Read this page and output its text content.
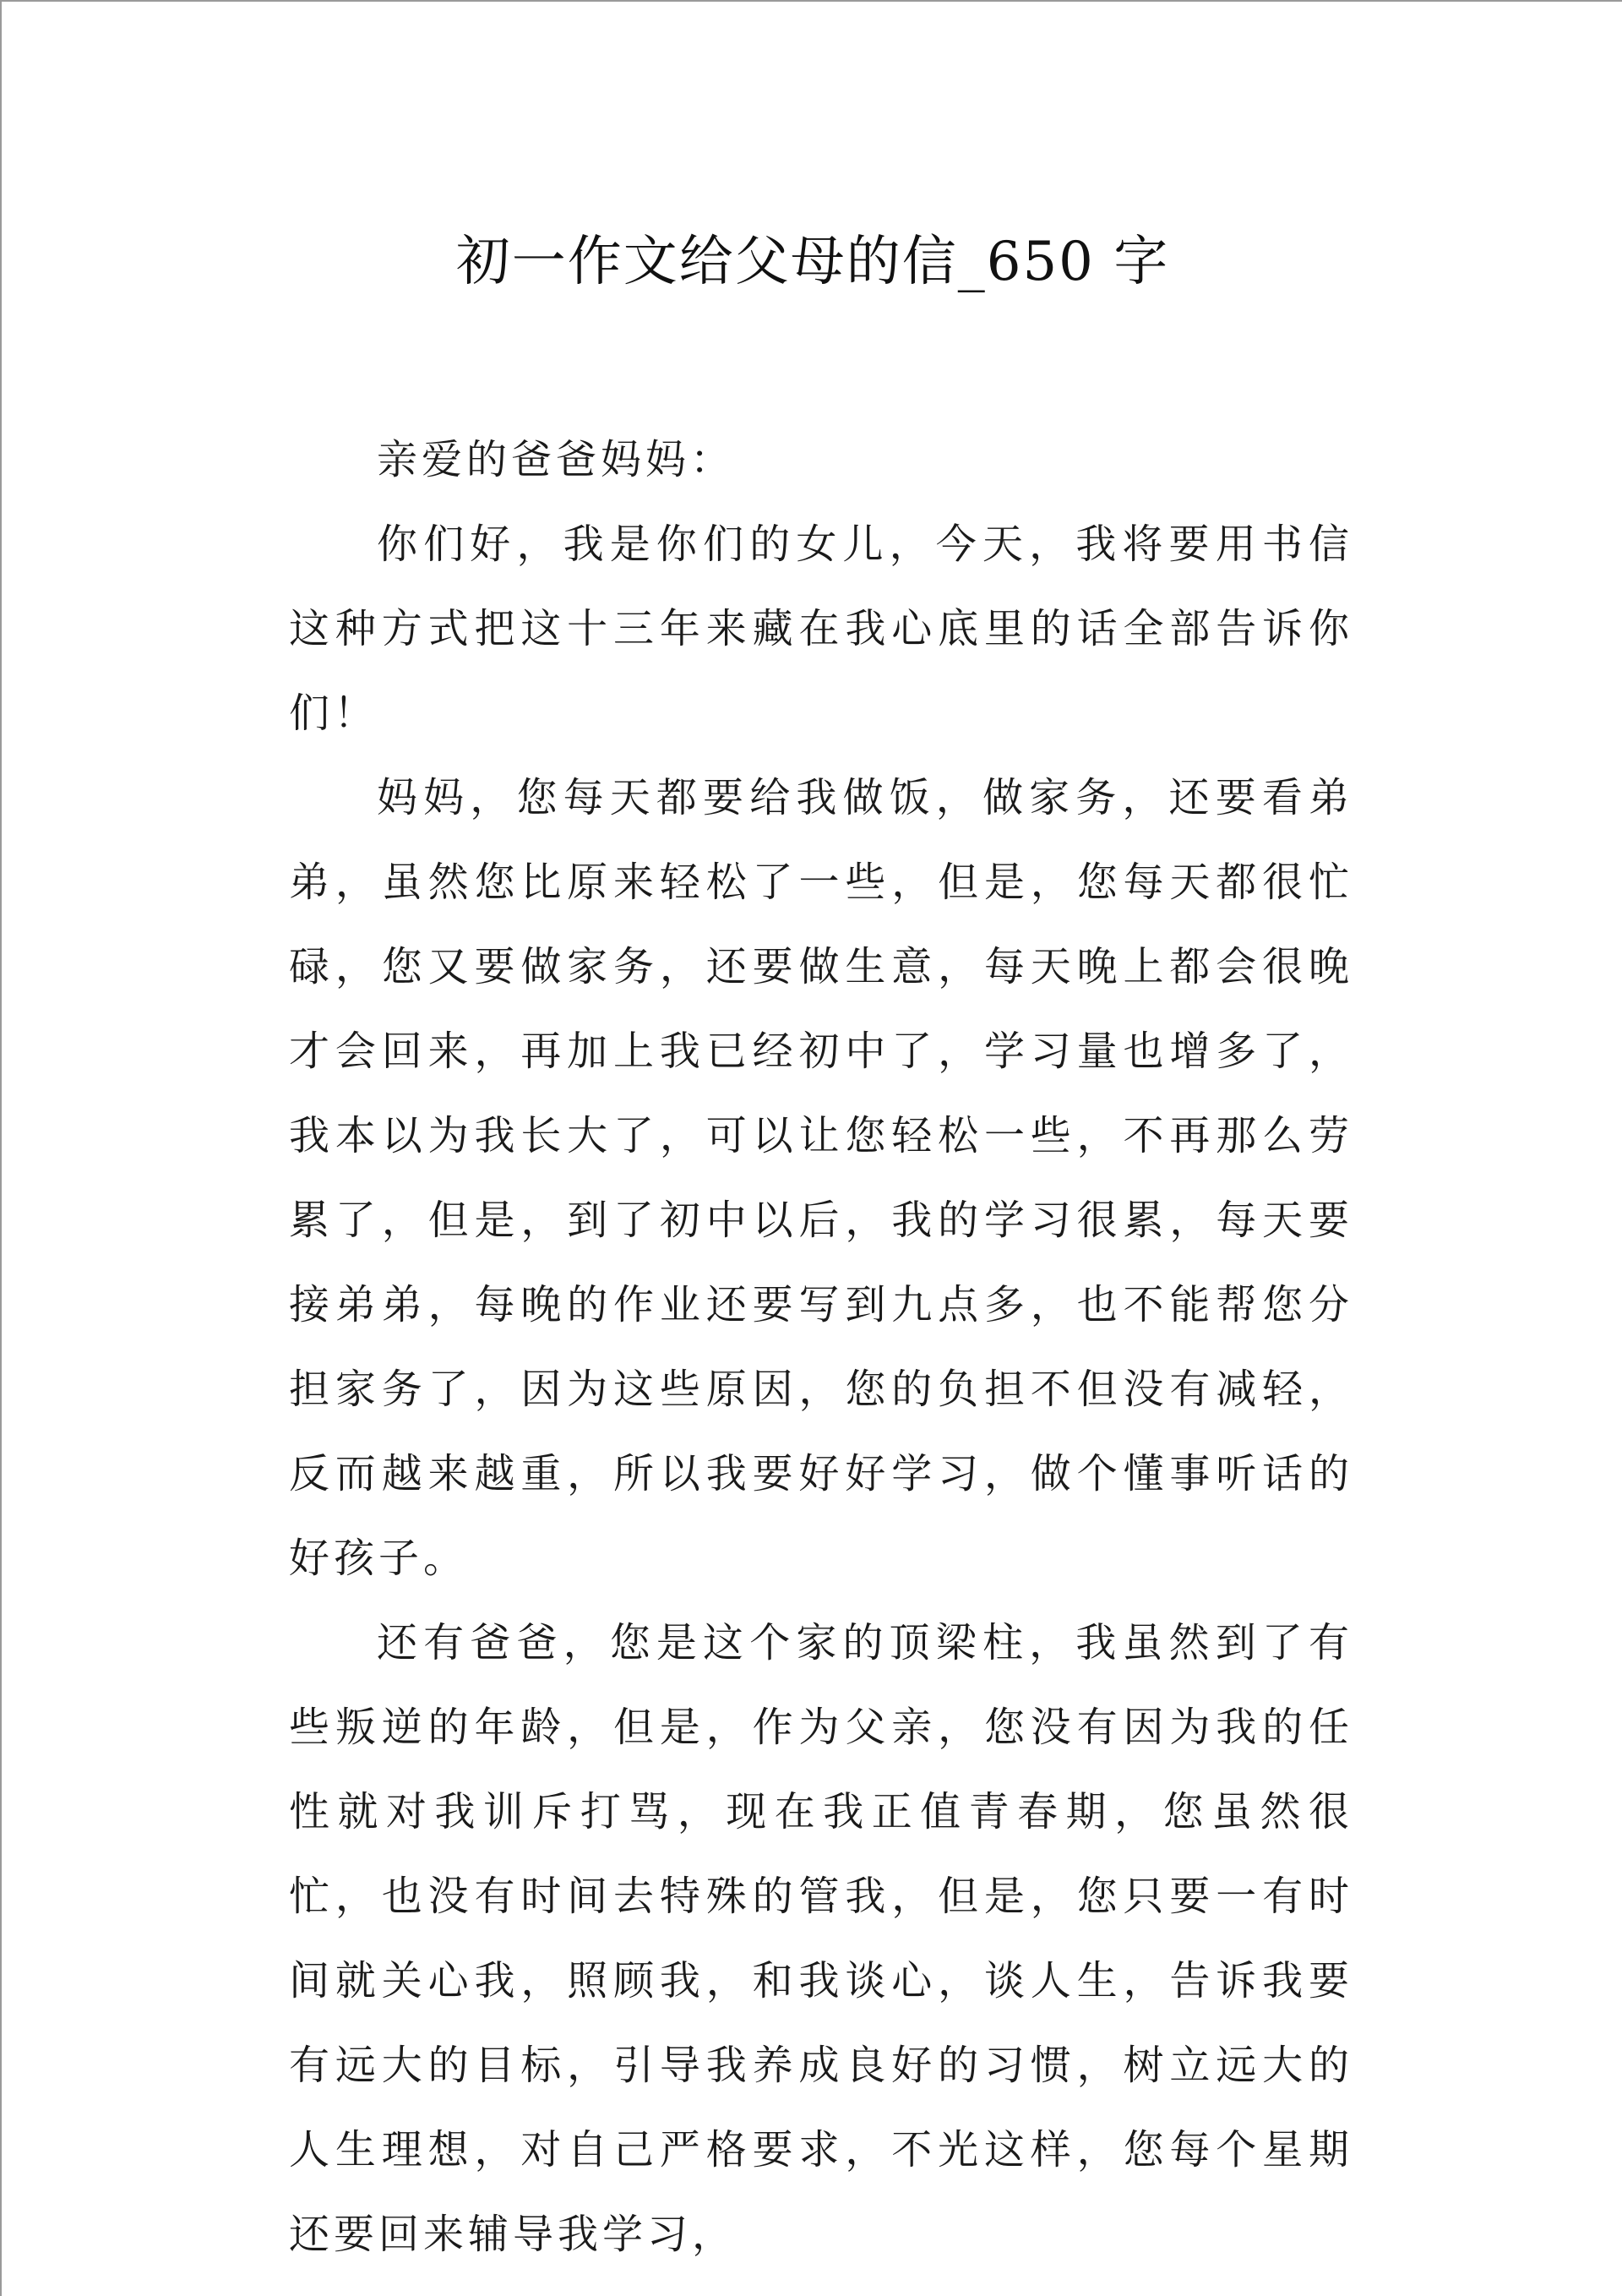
初一作文给父母的信_650 字

亲爱的爸爸妈妈：

你们好，我是你们的女儿，今天，我将要用书信这种方式把这十三年来藏在我心底里的话全部告诉你们！

妈妈，您每天都要给我做饭，做家务，还要看弟弟，虽然您比原来轻松了一些，但是，您每天都很忙碌，您又要做家务，还要做生意，每天晚上都会很晚才会回来，再加上我已经初中了，学习量也增多了，我本以为我长大了，可以让您轻松一些，不再那么劳累了，但是，到了初中以后，我的学习很累，每天要接弟弟，每晚的作业还要写到九点多，也不能帮您分担家务了，因为这些原因，您的负担不但没有减轻，反而越来越重，所以我要好好学习，做个懂事听话的好孩子。

还有爸爸，您是这个家的顶梁柱，我虽然到了有些叛逆的年龄，但是，作为父亲，您没有因为我的任性就对我训斥打骂，现在我正值青春期，您虽然很忙，也没有时间去特殊的管我，但是，您只要一有时间就关心我，照顾我，和我谈心，谈人生，告诉我要有远大的目标，引导我养成良好的习惯，树立远大的人生理想，对自己严格要求，不光这样，您每个星期还要回来辅导我学习，
